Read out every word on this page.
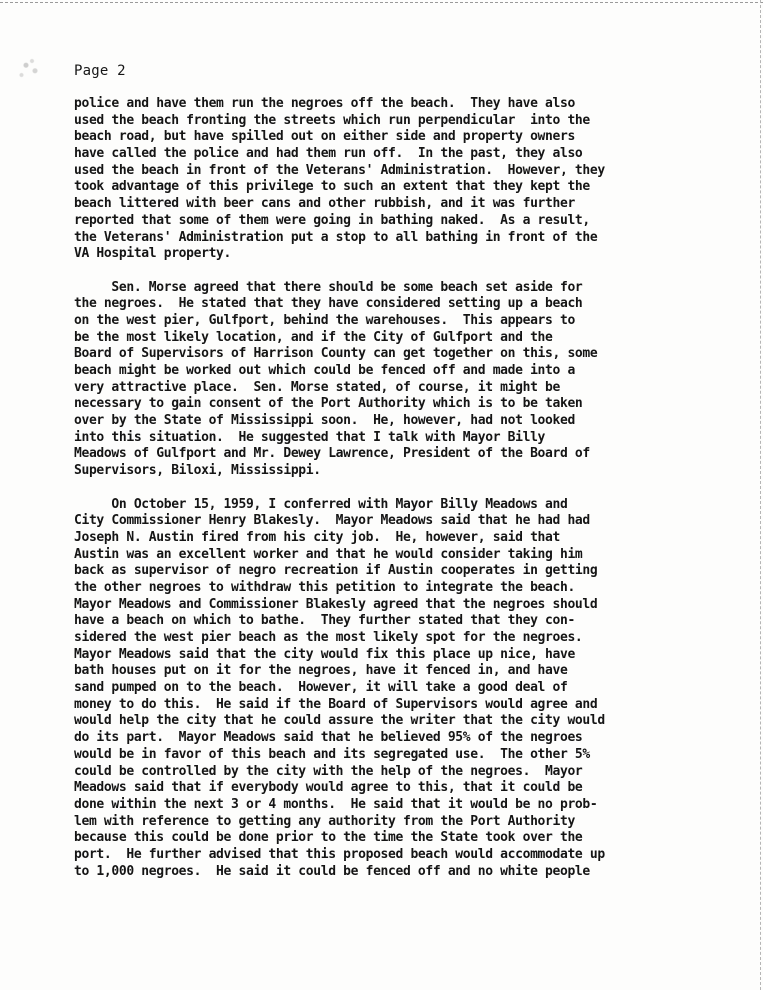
Page 2
police and have them run the negroes off the beach.  They have also
used the beach fronting the streets which run perpendicular  into the
beach road, but have spilled out on either side and property owners
have called the police and had them run off.  In the past, they also
used the beach in front of the Veterans' Administration.  However, they
took advantage of this privilege to such an extent that they kept the
beach littered with beer cans and other rubbish, and it was further
reported that some of them were going in bathing naked.  As a result,
the Veterans' Administration put a stop to all bathing in front of the
VA Hospital property.
Sen. Morse agreed that there should be some beach set aside for
the negroes.  He stated that they have considered setting up a beach
on the west pier, Gulfport, behind the warehouses.  This appears to
be the most likely location, and if the City of Gulfport and the
Board of Supervisors of Harrison County can get together on this, some
beach might be worked out which could be fenced off and made into a
very attractive place.  Sen. Morse stated, of course, it might be
necessary to gain consent of the Port Authority which is to be taken
over by the State of Mississippi soon.  He, however, had not looked
into this situation.  He suggested that I talk with Mayor Billy
Meadows of Gulfport and Mr. Dewey Lawrence, President of the Board of
Supervisors, Biloxi, Mississippi.
On October 15, 1959, I conferred with Mayor Billy Meadows and
City Commissioner Henry Blakesly.  Mayor Meadows said that he had had
Joseph N. Austin fired from his city job.  He, however, said that
Austin was an excellent worker and that he would consider taking him
back as supervisor of negro recreation if Austin cooperates in getting
the other negroes to withdraw this petition to integrate the beach.
Mayor Meadows and Commissioner Blakesly agreed that the negroes should
have a beach on which to bathe.  They further stated that they con-
sidered the west pier beach as the most likely spot for the negroes.
Mayor Meadows said that the city would fix this place up nice, have
bath houses put on it for the negroes, have it fenced in, and have
sand pumped on to the beach.  However, it will take a good deal of
money to do this.  He said if the Board of Supervisors would agree and
would help the city that he could assure the writer that the city would
do its part.  Mayor Meadows said that he believed 95% of the negroes
would be in favor of this beach and its segregated use.  The other 5%
could be controlled by the city with the help of the negroes.  Mayor
Meadows said that if everybody would agree to this, that it could be
done within the next 3 or 4 months.  He said that it would be no prob-
lem with reference to getting any authority from the Port Authority
because this could be done prior to the time the State took over the
port.  He further advised that this proposed beach would accommodate up
to 1,000 negroes.  He said it could be fenced off and no white people
